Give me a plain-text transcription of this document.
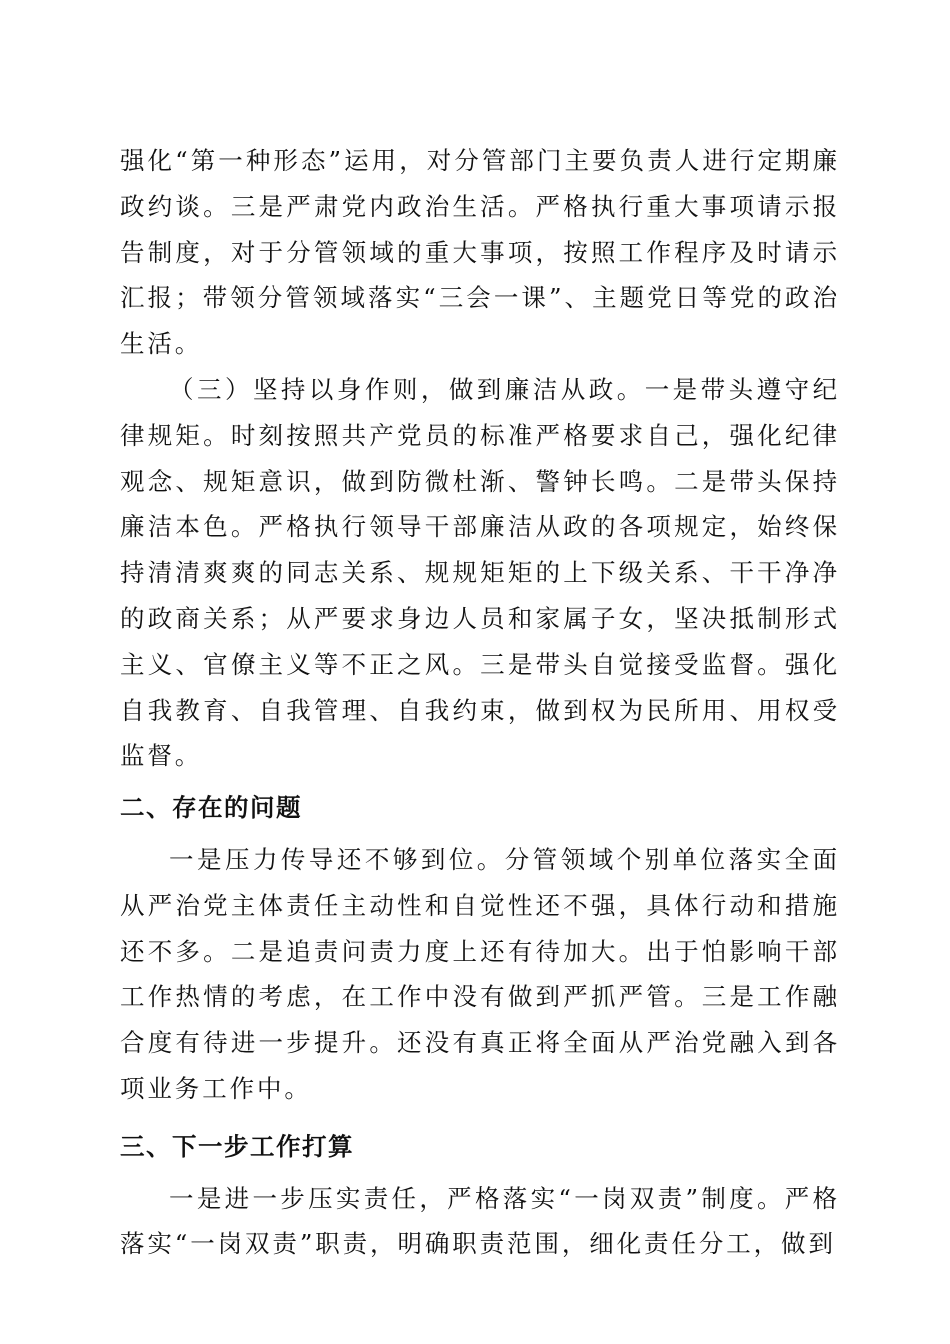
强化“第一种形态”运用，对分管部门主要负责人进行定期廉政约谈。三是严肃党内政治生活。严格执行重大事项请示报告制度，对于分管领域的重大事项，按照工作程序及时请示汇报；带领分管领域落实“三会一课”、主题党日等党的政治生活。

（三）坚持以身作则，做到廉洁从政。一是带头遵守纪律规矩。时刻按照共产党员的标准严格要求自己，强化纪律观念、规矩意识，做到防微杜渐、警钟长鸣。二是带头保持廉洁本色。严格执行领导干部廉洁从政的各项规定，始终保持清清爽爽的同志关系、规规矩矩的上下级关系、干干净净的政商关系；从严要求身边人员和家属子女，坚决抵制形式主义、官僚主义等不正之风。三是带头自觉接受监督。强化自我教育、自我管理、自我约束，做到权为民所用、用权受监督。

二、存在的问题

一是压力传导还不够到位。分管领域个别单位落实全面从严治党主体责任主动性和自觉性还不强，具体行动和措施还不多。二是追责问责力度上还有待加大。出于怕影响干部工作热情的考虑，在工作中没有做到严抓严管。三是工作融合度有待进一步提升。还没有真正将全面从严治党融入到各项业务工作中。

三、下一步工作打算

一是进一步压实责任，严格落实“一岗双责”制度。严格落实“一岗双责”职责，明确职责范围，细化责任分工，做到
